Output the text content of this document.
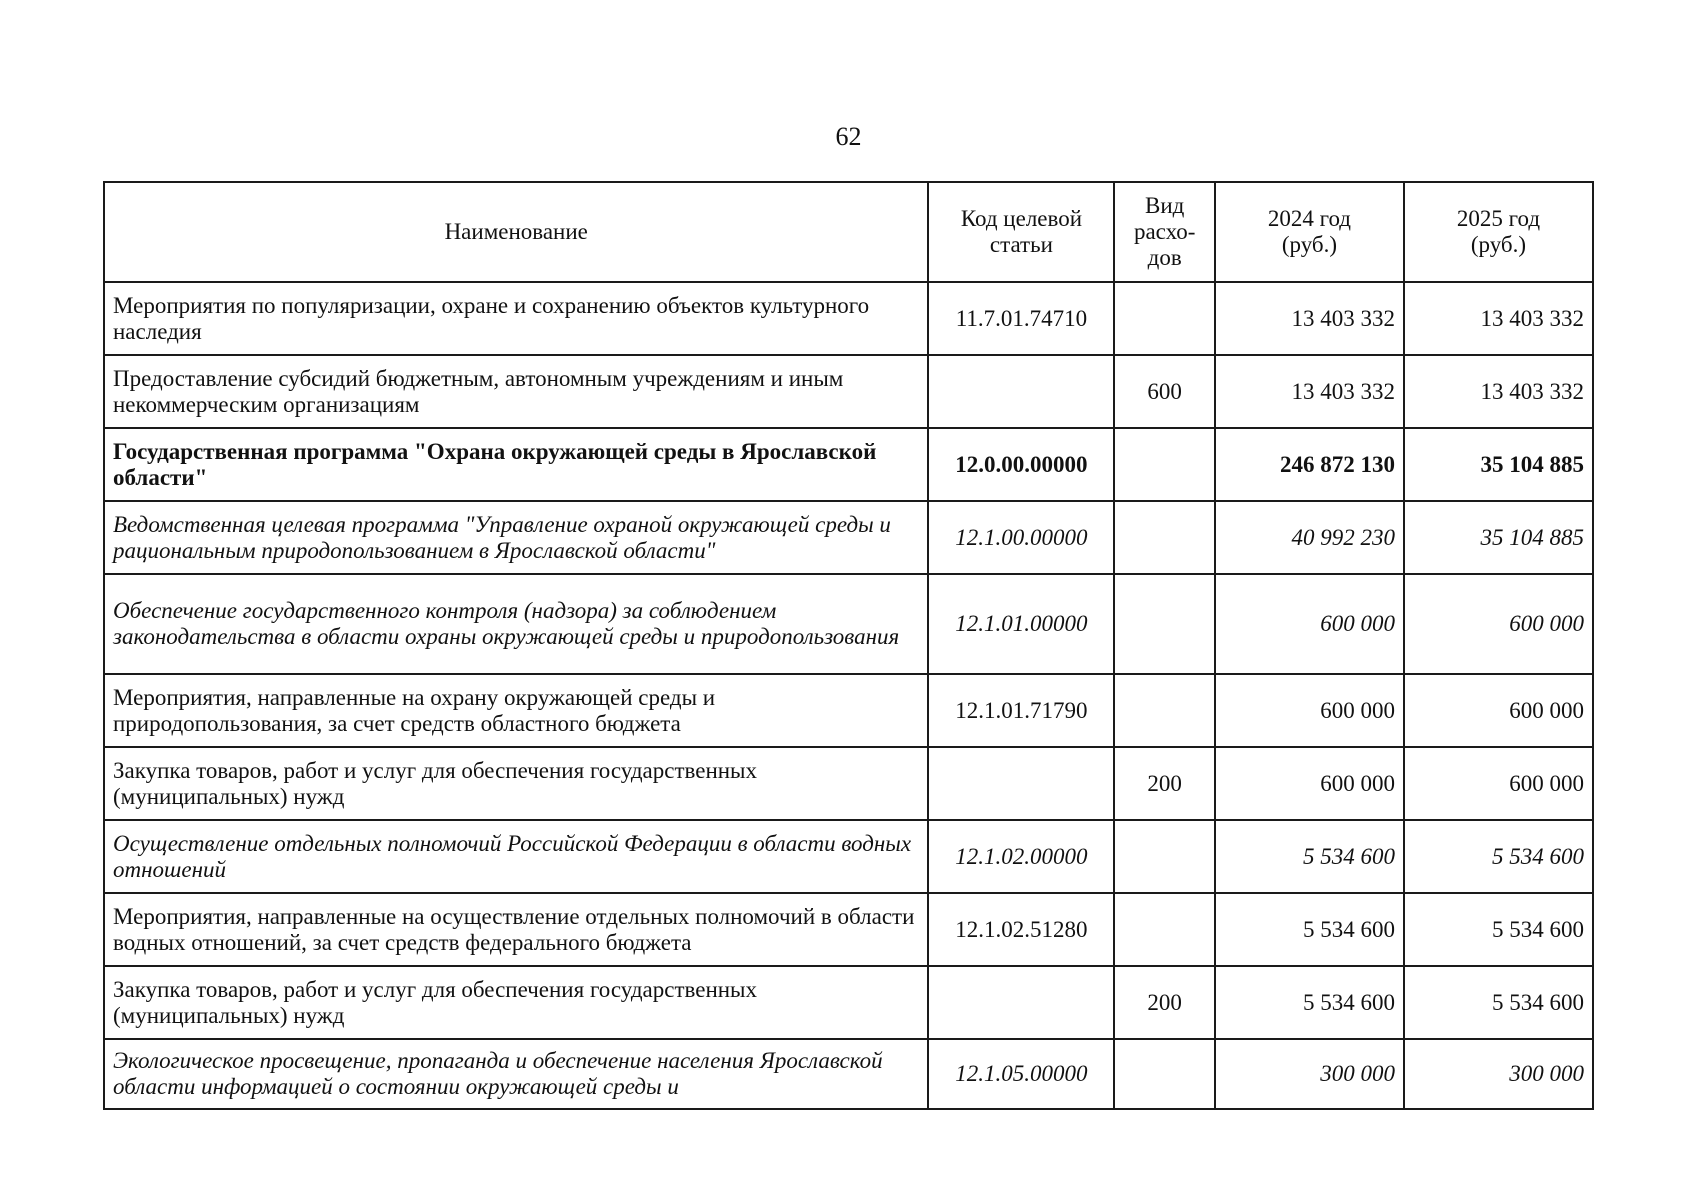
62
Наименование	Код целевой статьи	Вид расхо-дов	2024 год (руб.)	2025 год (руб.)
Мероприятия по популяризации, охране и сохранению объектов культурного наследия	11.7.01.74710		13 403 332	13 403 332
Предоставление субсидий бюджетным, автономным учреждениям и иным некоммерческим организациям		600	13 403 332	13 403 332
Государственная программа "Охрана окружающей среды в Ярославской области"	12.0.00.00000		246 872 130	35 104 885
Ведомственная целевая программа "Управление охраной окружающей среды и рациональным природопользованием в Ярославской области"	12.1.00.00000		40 992 230	35 104 885
Обеспечение государственного контроля (надзора) за соблюдением законодательства в области охраны окружающей среды и природопользования	12.1.01.00000		600 000	600 000
Мероприятия, направленные на охрану окружающей среды и природопользования, за счет средств областного бюджета	12.1.01.71790		600 000	600 000
Закупка товаров, работ и услуг для обеспечения государственных (муниципальных) нужд		200	600 000	600 000
Осуществление отдельных полномочий Российской Федерации в области водных отношений	12.1.02.00000		5 534 600	5 534 600
Мероприятия, направленные на осуществление отдельных полномочий в области водных отношений, за счет средств федерального бюджета	12.1.02.51280		5 534 600	5 534 600
Закупка товаров, работ и услуг для обеспечения государственных (муниципальных) нужд		200	5 534 600	5 534 600
Экологическое просвещение, пропаганда и обеспечение населения Ярославской области информацией о состоянии окружающей среды и	12.1.05.00000		300 000	300 000
